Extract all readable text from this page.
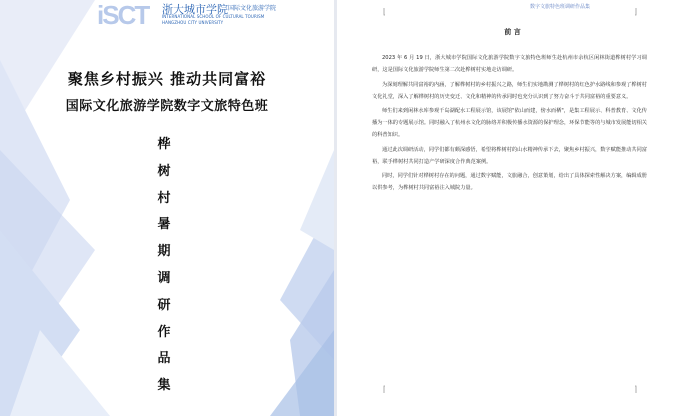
iSCT 浙大城市学院 国际文化旅游学院
INTERNATIONAL SCHOOL OF CULTURAL TOURISM
HANGZHOU CITY UNIVERSITY
聚焦乡村振兴 推动共同富裕
国际文化旅游学院数字文旅特色班
桦
树
村
暑
期
调
研
作
品
集
数字文旅特色班调研作品集
前 言

2023 年 6 月 19 日，浙大城市学院国际文化旅游学院数字文旅特色班师生赴杭州市余杭区闲林街道桦树村学习调研，这是国际文化旅游学院师生第二次赴桦树村实地走访调研。

为深刻理解共同富裕的内涵，了解桦树村的乡村振兴之路，师生们实地勘测了桦树村的红色护水路线和参观了桦树村文化礼堂，深入了解桦树村的历史变迁、文化和精神的传承同时也充分认识到了努力奋斗于共同富裕的重要意义。

师生们来到闲林水库参观千岛湖配水工程展示馆，该展馆"依山而建，傍水而栖"，是集工程展示、科普教育、文化传播为一体的专题展示馆。同时融入了杭州水文化的脉络并积极传播水资源的保护理念，环保节能等的与城市发展能切相关的科普知识。

通过此次调研活动，同学们都有颇深感悟，希望将桦树村的山水精神传承下去，聚焦乡村振兴，数字赋能推动共同富裕，联手桦树村共同打造产学研深度合作典范案例。

同时，同学们针对桦树村存在的问题，通过数字赋能，文旅融合，创意策划，给出了具体探索性解决方案，编辑成册以供参考，为桦树村共同富裕注入城院力量。
